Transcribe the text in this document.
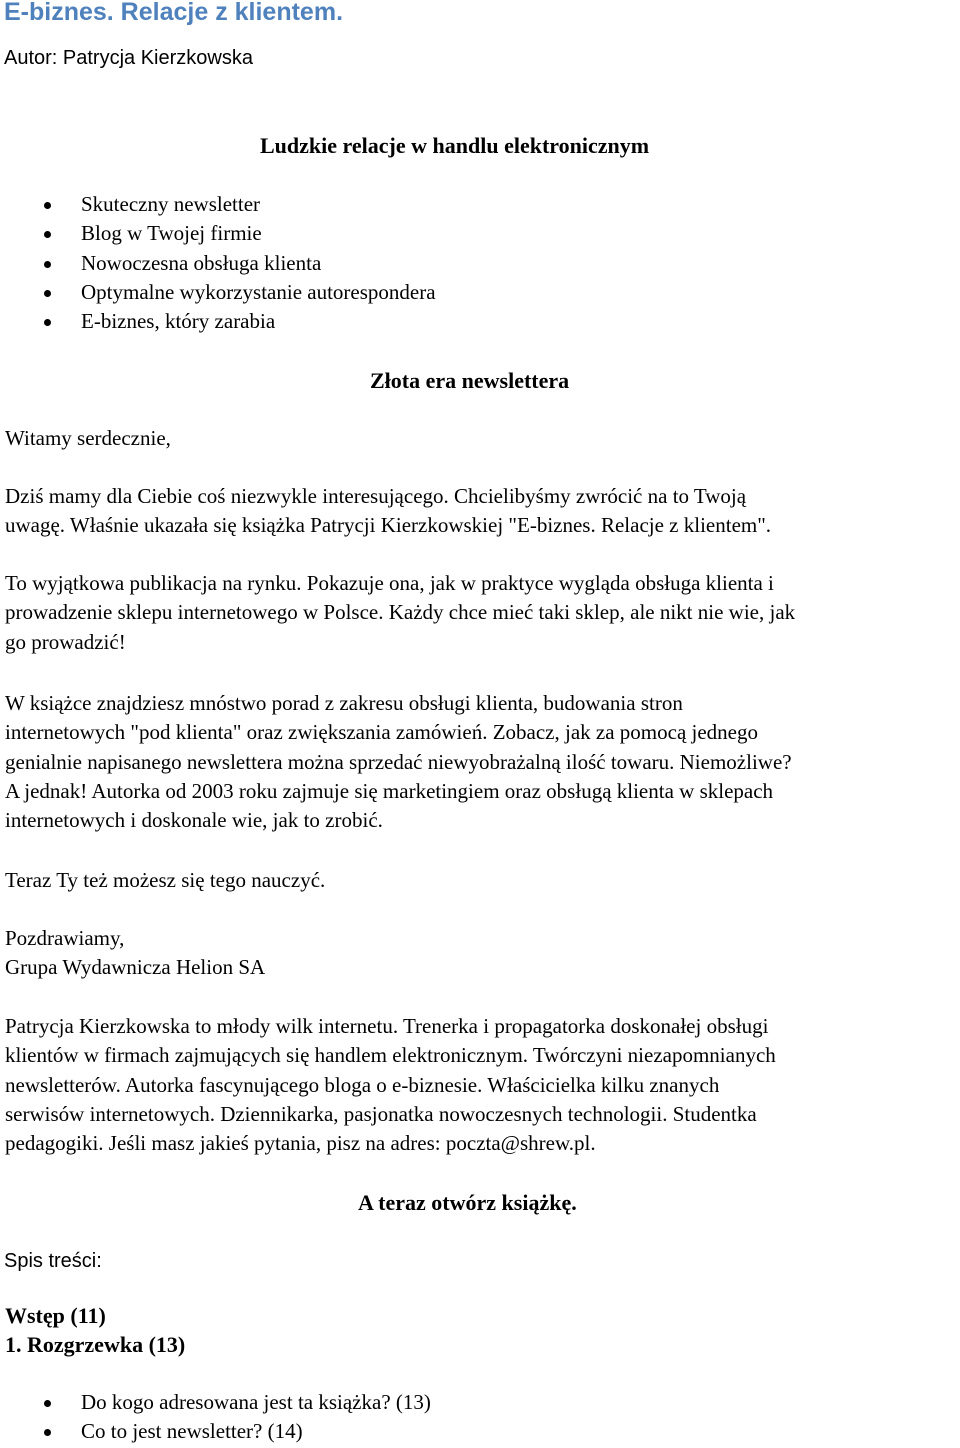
E-biznes. Relacje z klientem.
Autor: Patrycja Kierzkowska
Ludzkie relacje w handlu elektronicznym
Skuteczny newsletter
Blog w Twojej firmie
Nowoczesna obsługa klienta
Optymalne wykorzystanie autorespondera
E-biznes, który zarabia
Złota era newslettera

Witamy serdecznie,

Dziś mamy dla Ciebie coś niezwykle interesującego. Chcielibyśmy zwrócić na to Twoją
uwagę. Właśnie ukazała się książka Patrycji Kierzkowskiej "E-biznes. Relacje z klientem".

To wyjątkowa publikacja na rynku. Pokazuje ona, jak w praktyce wygląda obsługa klienta i
prowadzenie sklepu internetowego w Polsce. Każdy chce mieć taki sklep, ale nikt nie wie, jak
go prowadzić!

W książce znajdziesz mnóstwo porad z zakresu obsługi klienta, budowania stron
internetowych "pod klienta" oraz zwiększania zamówień. Zobacz, jak za pomocą jednego
genialnie napisanego newslettera można sprzedać niewyobrażalną ilość towaru. Niemożliwe?
A jednak! Autorka od 2003 roku zajmuje się marketingiem oraz obsługą klienta w sklepach
internetowych i doskonale wie, jak to zrobić.

Teraz Ty też możesz się tego nauczyć.

Pozdrawiamy,
Grupa Wydawnicza Helion SA

Patrycja Kierzkowska to młody wilk internetu. Trenerka i propagatorka doskonałej obsługi
klientów w firmach zajmujących się handlem elektronicznym. Twórczyni niezapomnianych
newsletterów. Autorka fascynującego bloga o e-biznesie. Właścicielka kilku znanych
serwisów internetowych. Dziennikarka, pasjonatka nowoczesnych technologii. Studentka
pedagogiki. Jeśli masz jakieś pytania, pisz na adres: poczta@shrew.pl.

A teraz otwórz książkę.
Spis treści:
Wstęp (11)
1. Rozgrzewka (13)
Do kogo adresowana jest ta książka? (13)
Co to jest newsletter? (14)
